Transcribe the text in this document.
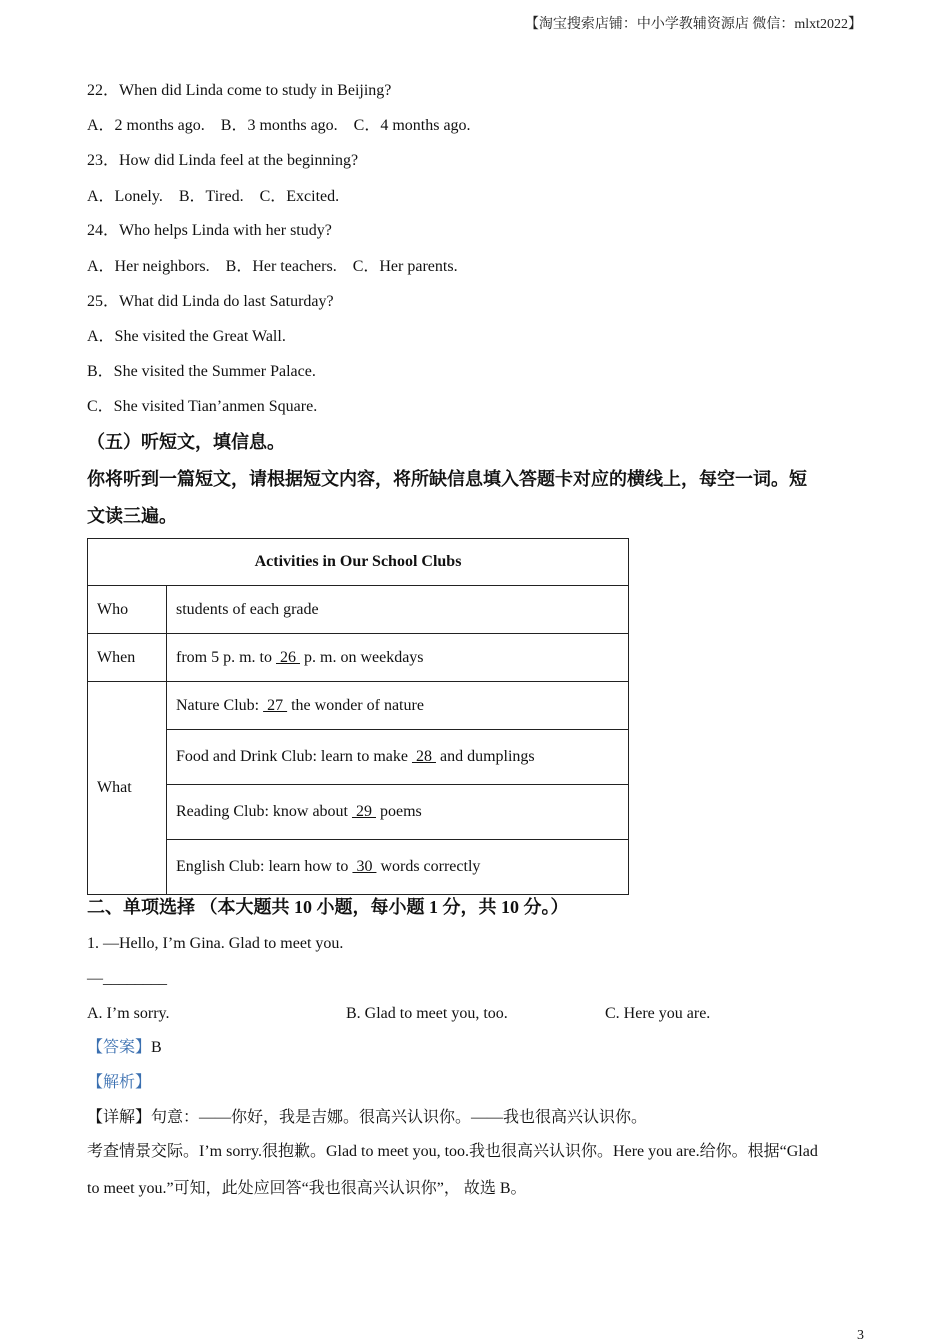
【淘宝搜索店铺：中小学教辅资源店 微信：mlxt2022】
22．When did Linda come to study in Beijing?
A．2 months ago.    B．3 months ago.    C．4 months ago.
23．How did Linda feel at the beginning?
A．Lonely.    B．Tired.    C．Excited.
24．Who helps Linda with her study?
A．Her neighbors.    B．Her teachers.    C．Her parents.
25．What did Linda do last Saturday?
A．She visited the Great Wall.
B．She visited the Summer Palace.
C．She visited Tian’anmen Square.
（五）听短文，填信息。
你将听到一篇短文，请根据短文内容，将所缺信息填入答题卡对应的横线上，每空一词。短
文读三遍。
Activities in Our School Clubs	
Who	students of each grade
When	from 5 p. m. to  26  p. m. on weekdays
What	Nature Club:  27  the wonder of nature
	Food and Drink Club: learn to make  28  and dumplings
	Reading Club: know about  29  poems
	English Club: learn how to  30  words correctly
二、单项选择 （本大题共 10 小题，每小题 1 分，共 10 分。）
1. —Hello, I’m Gina. Glad to meet you.
—________
A. I’m sorry.	B. Glad to meet you, too.	C. Here you are.
【答案】B
【解析】
【详解】句意：——你好，我是吉娜。很高兴认识你。——我也很高兴认识你。
考查情景交际。I’m sorry.很抱歉。Glad to meet you, too.我也很高兴认识你。Here you are.给你。根据“Glad
to meet you.”可知，此处应回答“我也很高兴认识你”， 故选 B。
3
